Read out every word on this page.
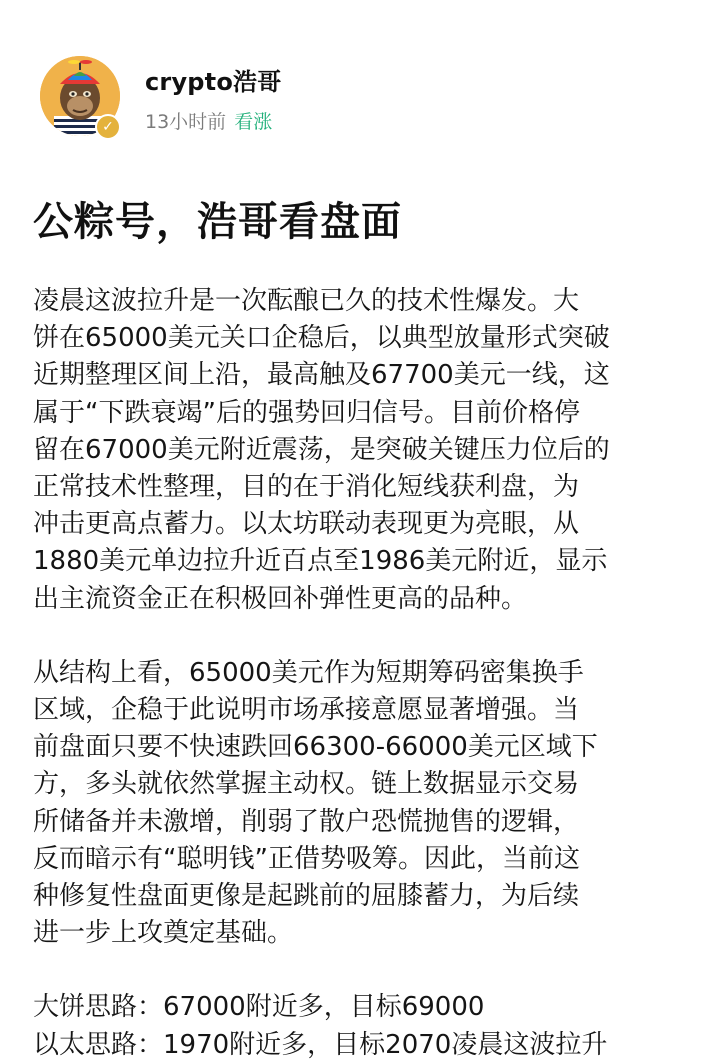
✓
crypto浩哥
13小时前 看涨
公粽号，浩哥看盘面

凌晨这波拉升是一次酝酿已久的技术性爆发。大

饼在65000美元关口企稳后，以典型放量形式突破

近期整理区间上沿，最高触及67700美元一线，这

属于“下跌衰竭”后的强势回归信号。目前价格停

留在67000美元附近震荡，是突破关键压力位后的

正常技术性整理，目的在于消化短线获利盘，为

冲击更高点蓄力。以太坊联动表现更为亮眼，从

1880美元单边拉升近百点至1986美元附近，显示

出主流资金正在积极回补弹性更高的品种。

从结构上看，65000美元作为短期筹码密集换手

区域，企稳于此说明市场承接意愿显著增强。当

前盘面只要不快速跌回66300-66000美元区域下

方，多头就依然掌握主动权。链上数据显示交易

所储备并未激增，削弱了散户恐慌抛售的逻辑，

反而暗示有“聪明钱”正借势吸筹。因此，当前这

种修复性盘面更像是起跳前的屈膝蓄力，为后续

进一步上攻奠定基础。

大饼思路：67000附近多，目标69000

以太思路：1970附近多，目标2070凌晨这波拉升
